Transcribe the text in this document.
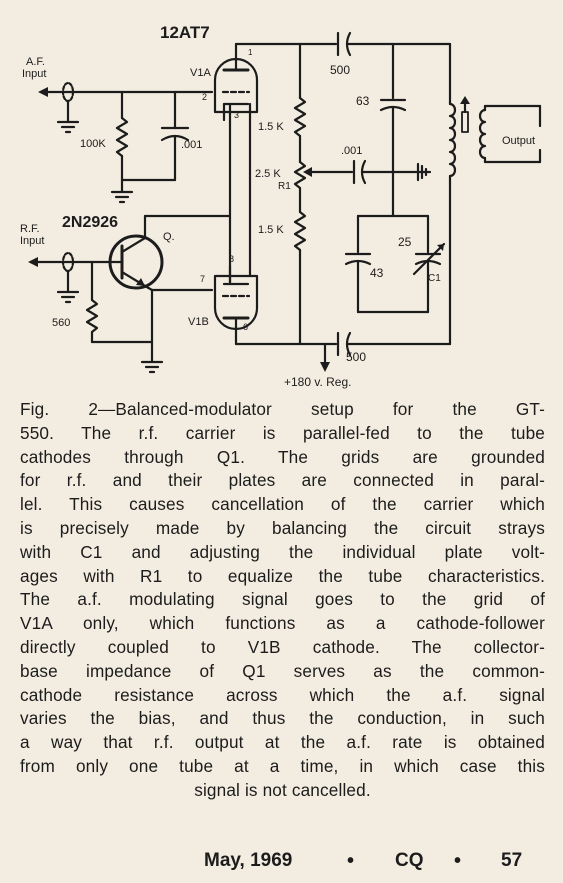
12AT7
A.F. Input
100K	.001
V1A
1
2
3
500
1.5 K
2.5 K
R1
1.5 K
.001
63
43
25
C1
Output
500
+180 v. Reg.
V1B	6
7
8
2N2926
R.F. Input	Q.
560
Fig. 2—Balanced-modulator setup for the GT-
550. The r.f. carrier is parallel-fed to the tube
cathodes through Q1. The grids are grounded
for r.f. and their plates are connected in paral-
lel. This causes cancellation of the carrier which
is precisely made by balancing the circuit strays
with C1 and adjusting the individual plate volt-
ages with R1 to equalize the tube characteristics.
The a.f. modulating signal goes to the grid of
V1A only, which functions as a cathode-follower
directly coupled to V1B cathode. The collector-
base impedance of Q1 serves as the common-
cathode resistance across which the a.f. signal
varies the bias, and thus the conduction, in such
a way that r.f. output at the a.f. rate is obtained
from only one tube at a time, in which case this
signal is not cancelled.
May, 1969	• CQ • 57
